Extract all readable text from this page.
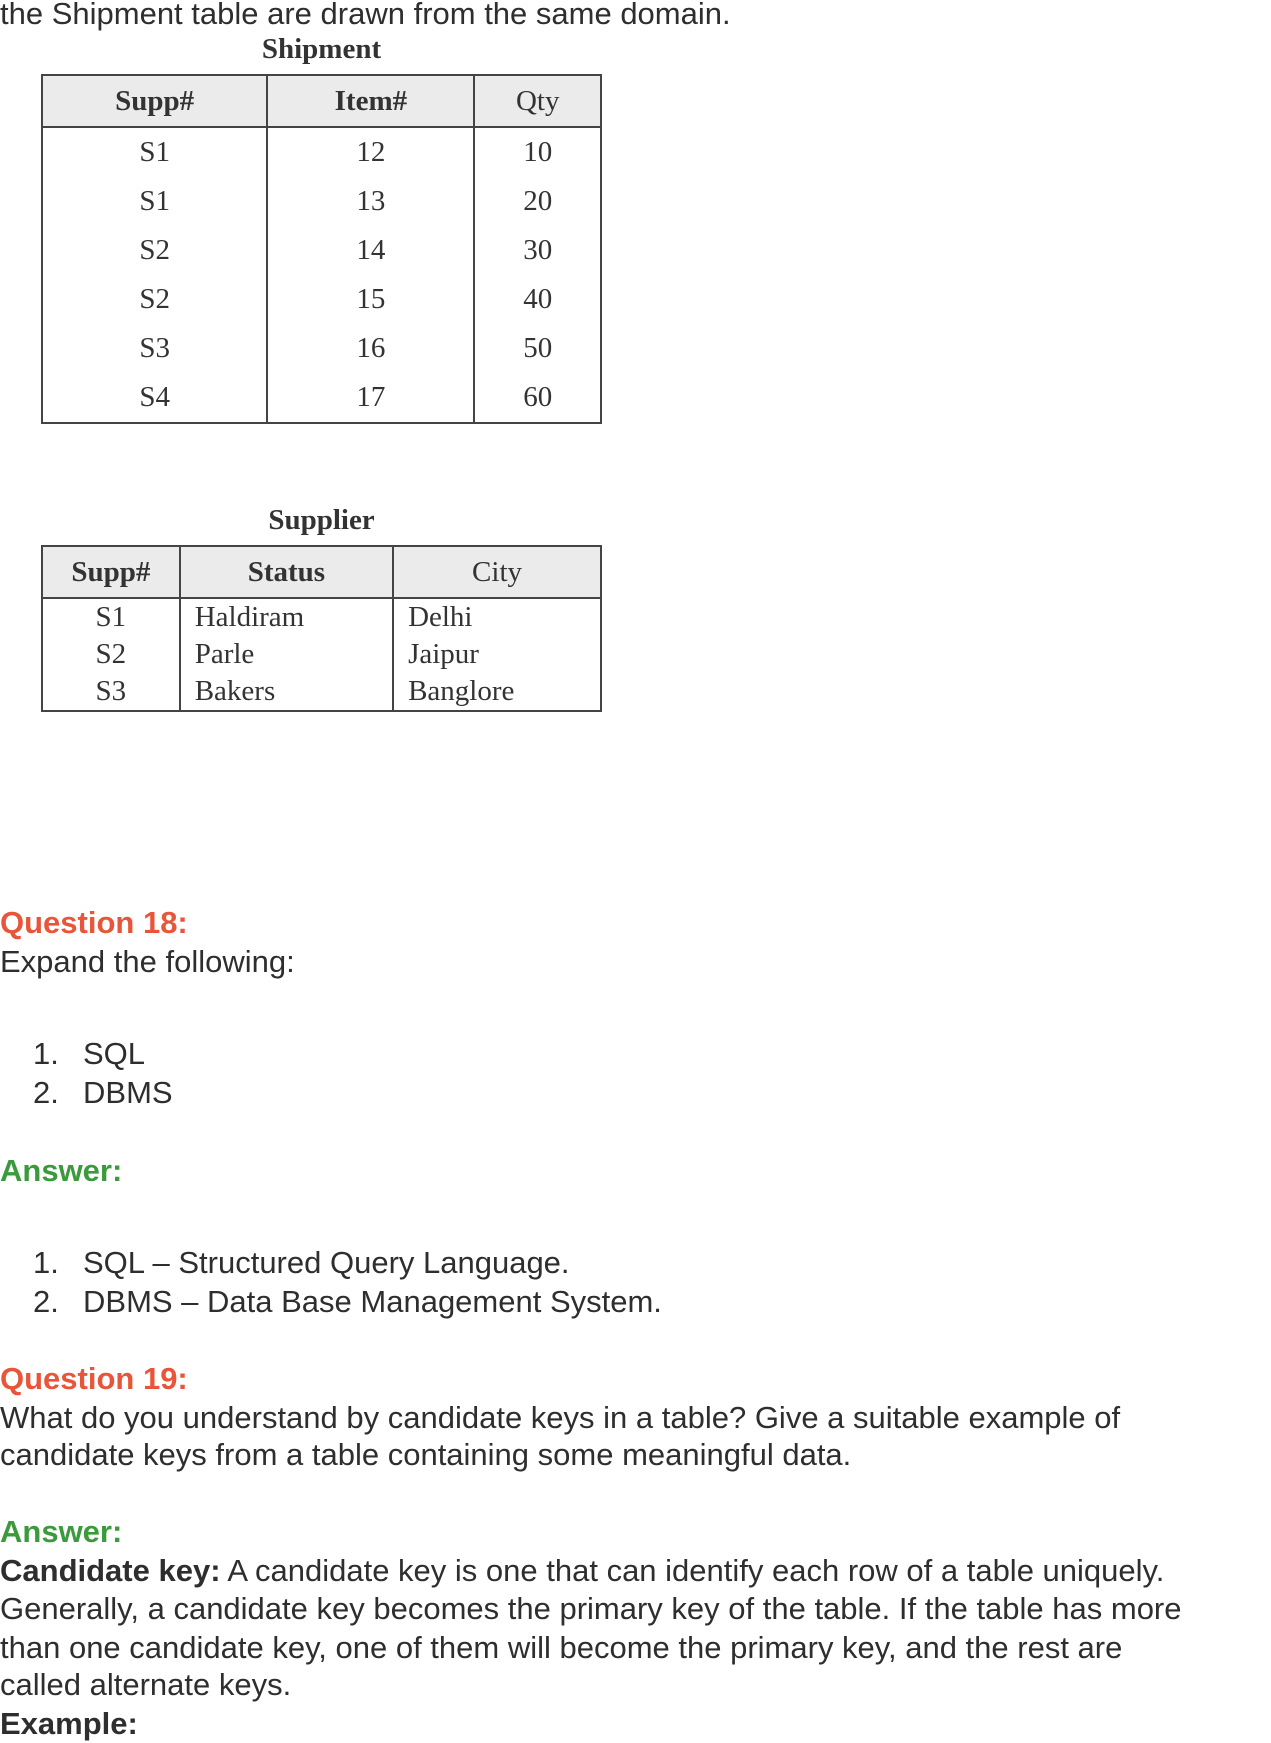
the Shipment table are drawn from the same domain.
Shipment
Supp#	Item#	Qty
S1	12	10
S1	13	20
S2	14	30
S2	15	40
S3	16	50
S4	17	60
Supplier
Supp#	Status	City
S1	Haldiram	Delhi
S2	Parle	Jaipur
S3	Bakers	Banglore
Question 18:
Expand the following:
1. SQL
2. DBMS
Answer:
1. SQL – Structured Query Language.
2. DBMS – Data Base Management System.
Question 19:
What do you understand by candidate keys in a table? Give a suitable example of
candidate keys from a table containing some meaningful data.
Answer:
Candidate key: A candidate key is one that can identify each row of a table uniquely.
Generally, a candidate key becomes the primary key of the table. If the table has more
than one candidate key, one of them will become the primary key, and the rest are
called alternate keys.
Example:
